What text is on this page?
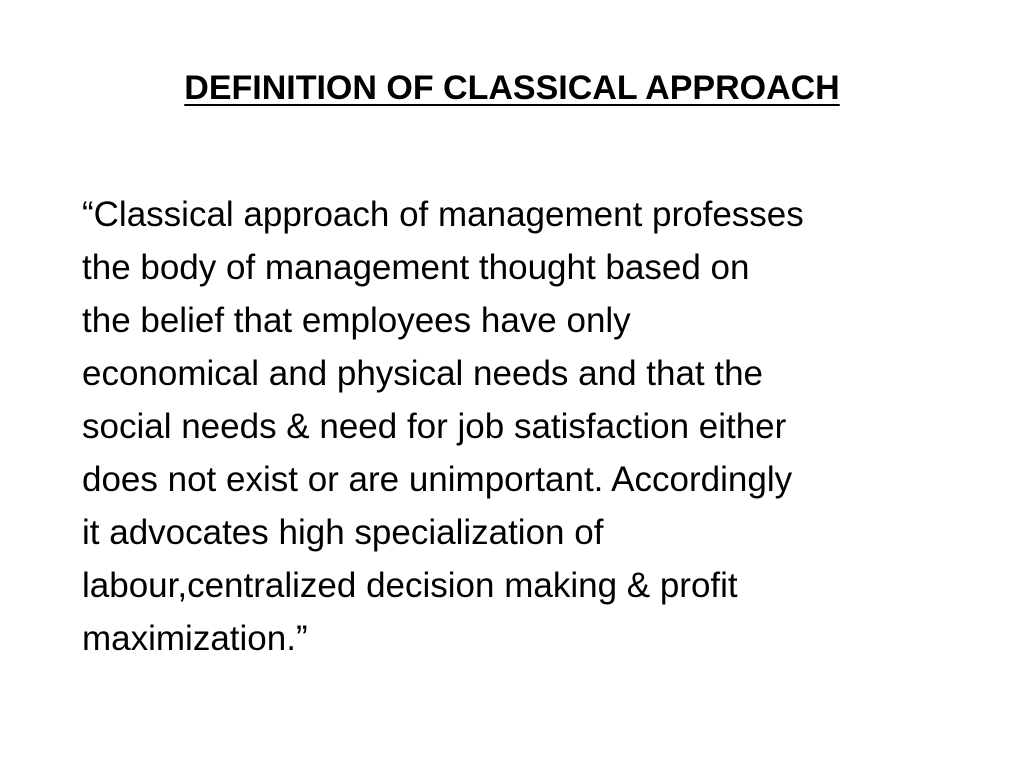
DEFINITION OF CLASSICAL APPROACH

“Classical approach of management professes
the body of management thought based on
the belief that employees have only
economical and physical needs and that the
social needs & need for job satisfaction either
does not exist or are unimportant. Accordingly
it advocates high specialization of
labour,centralized decision making & profit
maximization.”
